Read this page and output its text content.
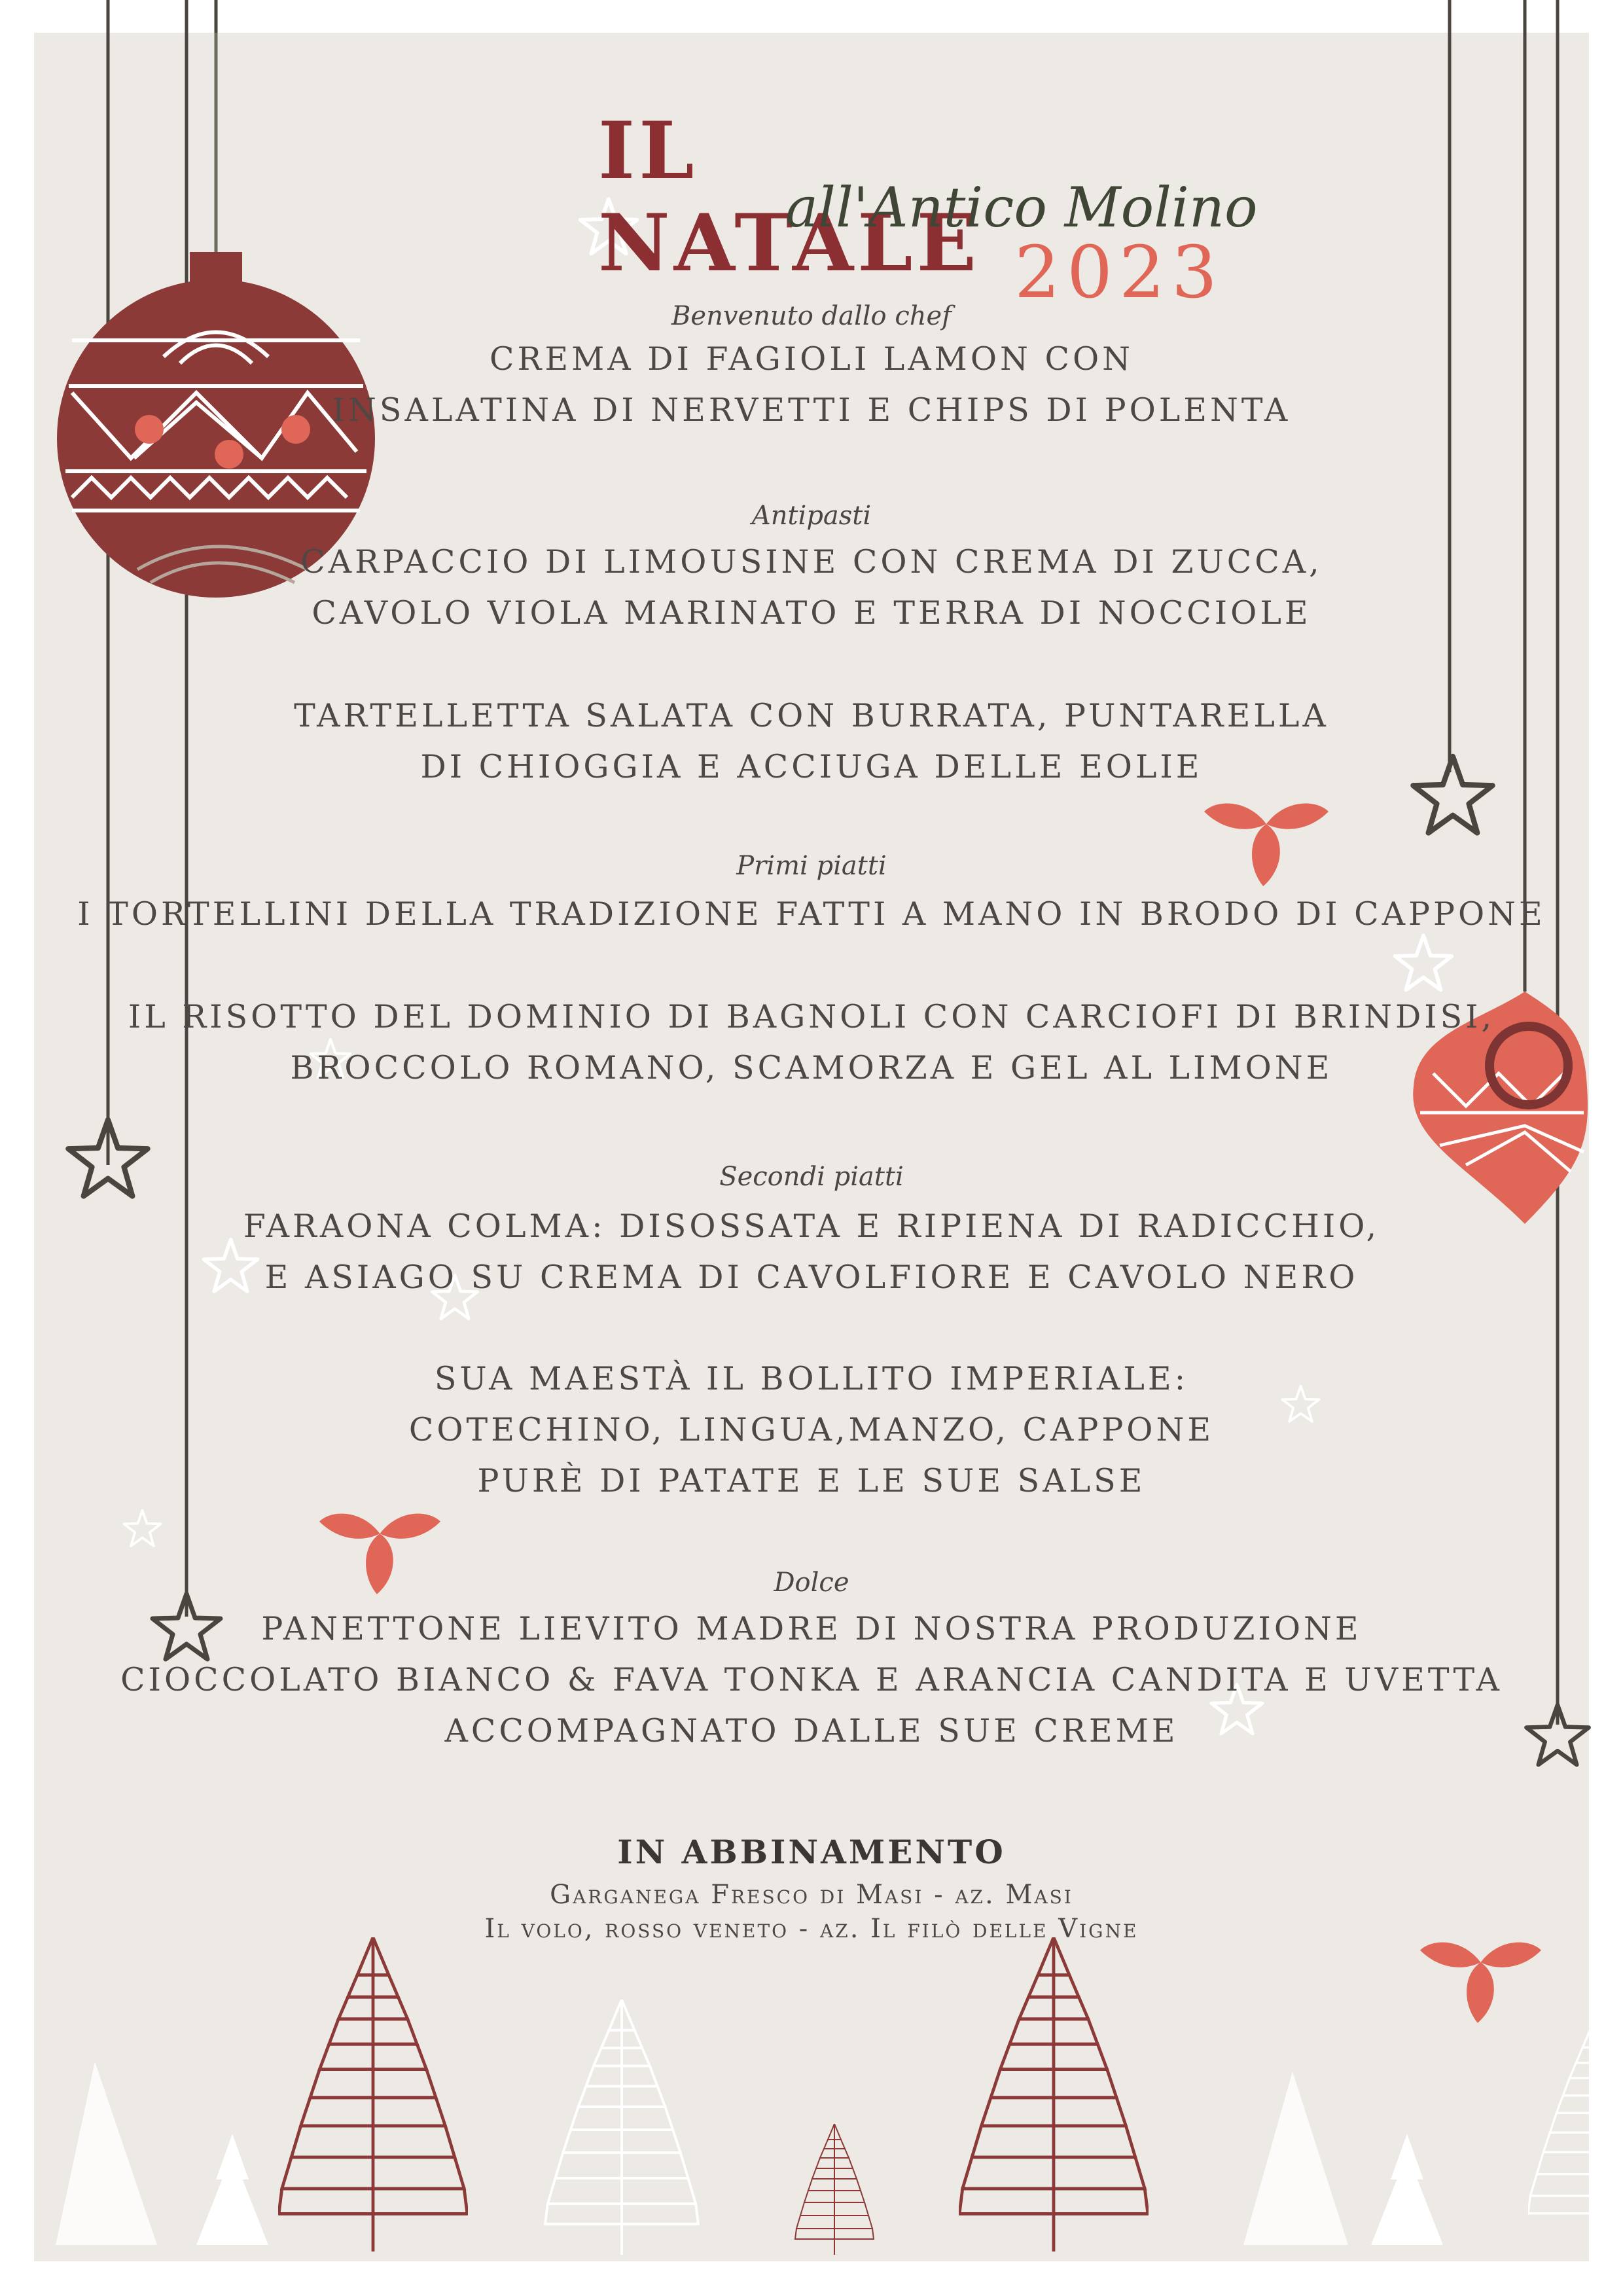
IL NATALE
all'Antico Molino
2023
Benvenuto dallo chef
CREMA DI FAGIOLI LAMON CON
INSALATINA DI NERVETTI E CHIPS DI POLENTA
Antipasti
CARPACCIO DI LIMOUSINE CON CREMA DI ZUCCA,
CAVOLO VIOLA MARINATO E TERRA DI NOCCIOLE
TARTELLETTA SALATA CON BURRATA, PUNTARELLA
DI CHIOGGIA E ACCIUGA DELLE EOLIE
Primi piatti
I TORTELLINI DELLA TRADIZIONE FATTI A MANO IN BRODO DI CAPPONE
IL RISOTTO DEL DOMINIO DI BAGNOLI CON CARCIOFI DI BRINDISI,
BROCCOLO ROMANO, SCAMORZA E GEL AL LIMONE
Secondi piatti
FARAONA COLMA: DISOSSATA E RIPIENA DI RADICCHIO,
E ASIAGO SU CREMA DI CAVOLFIORE E CAVOLO NERO
SUA MAESTÀ IL BOLLITO IMPERIALE:
COTECHINO, LINGUA,MANZO, CAPPONE
PURÈ DI PATATE E LE SUE SALSE
Dolce
PANETTONE LIEVITO MADRE DI NOSTRA PRODUZIONE
CIOCCOLATO BIANCO & FAVA TONKA E ARANCIA CANDITA E UVETTA
ACCOMPAGNATO DALLE SUE CREME
IN ABBINAMENTO
Garganega Fresco di Masi - az. Masi
Il volo, rosso veneto - az. Il filò delle Vigne
